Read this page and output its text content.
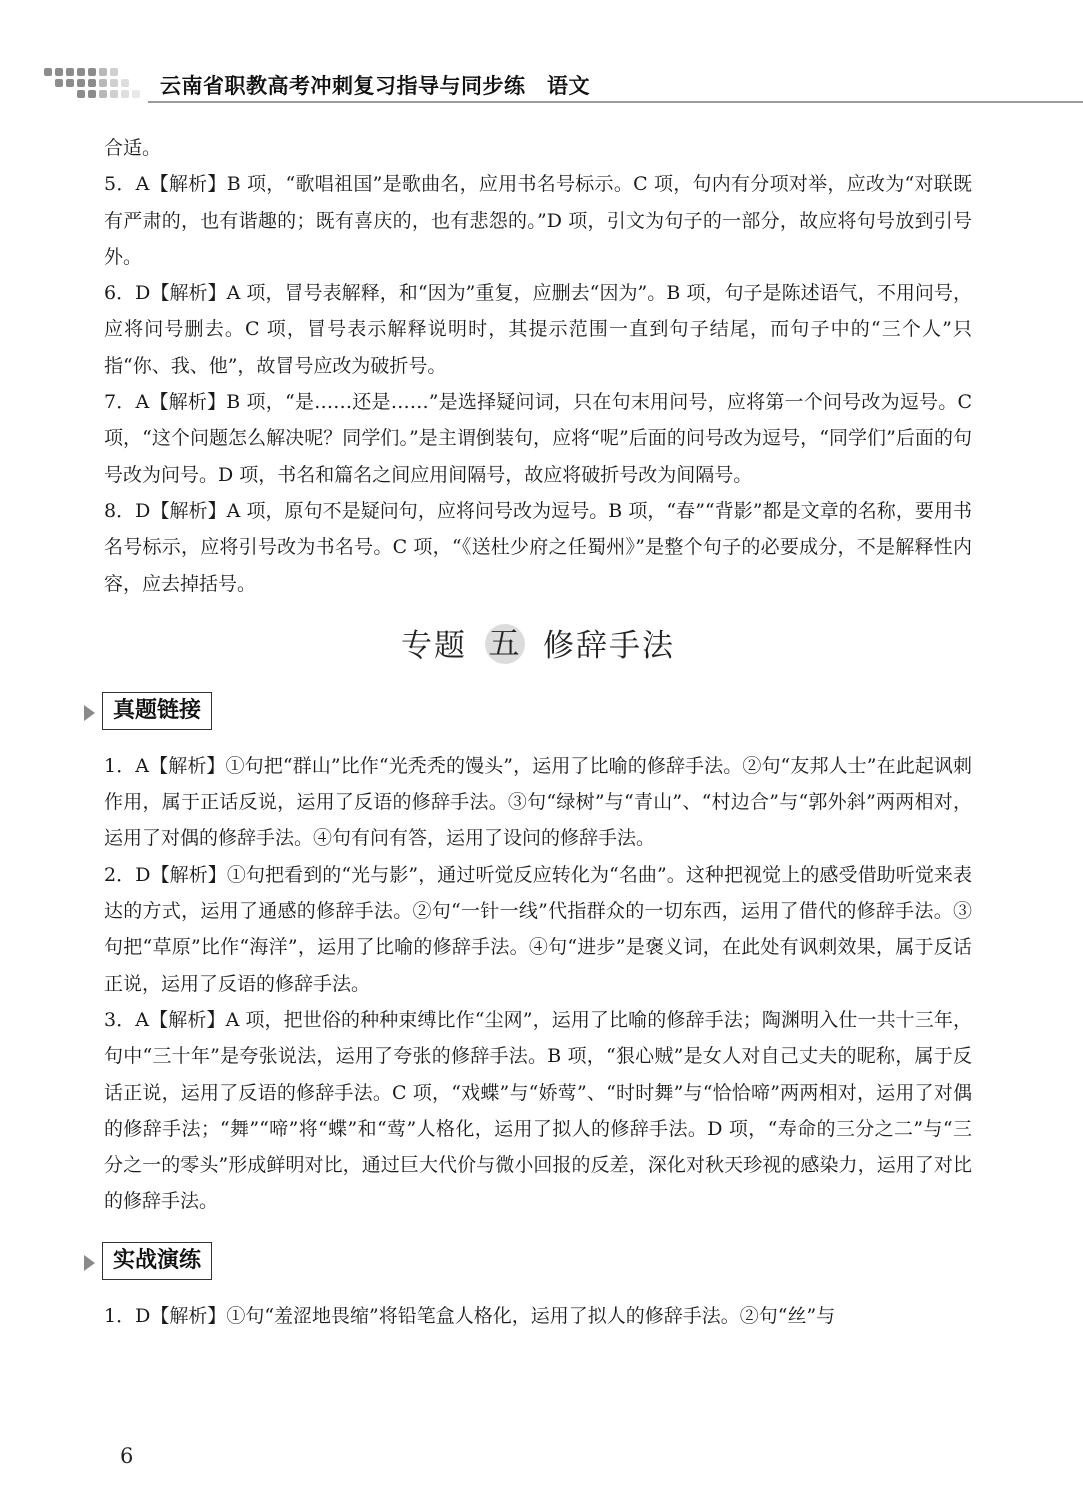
云南省职教高考冲刺复习指导与同步练　语文

合适。

5．A【解析】B 项，“歌唱祖国”是歌曲名，应用书名号标示。C 项，句内有分项对举，应改为“对联既有严肃的，也有谐趣的；既有喜庆的，也有悲怨的。”D 项，引文为句子的一部分，故应将句号放到引号外。

6．D【解析】A 项，冒号表解释，和“因为”重复，应删去“因为”。B 项，句子是陈述语气，不用问号，应将问号删去。C 项，冒号表示解释说明时，其提示范围一直到句子结尾，而句子中的“三个人”只指“你、我、他”，故冒号应改为破折号。

7．A【解析】B 项，“是……还是……”是选择疑问词，只在句末用问号，应将第一个问号改为逗号。C 项，“这个问题怎么解决呢？同学们。”是主谓倒装句，应将“呢”后面的问号改为逗号，“同学们”后面的句号改为问号。D 项，书名和篇名之间应用间隔号，故应将破折号改为间隔号。

8．D【解析】A 项，原句不是疑问句，应将问号改为逗号。B 项，“春”“背影”都是文章的名称，要用书名号标示，应将引号改为书名号。C 项，“《送杜少府之任蜀州》”是整个句子的必要成分，不是解释性内容，应去掉括号。

专题 五 修辞手法
真题链接

1．A【解析】①句把“群山”比作“光秃秃的馒头”，运用了比喻的修辞手法。②句“友邦人士”在此起讽刺作用，属于正话反说，运用了反语的修辞手法。③句“绿树”与“青山”、“村边合”与“郭外斜”两两相对，运用了对偶的修辞手法。④句有问有答，运用了设问的修辞手法。

2．D【解析】①句把看到的“光与影”，通过听觉反应转化为“名曲”。这种把视觉上的感受借助听觉来表达的方式，运用了通感的修辞手法。②句“一针一线”代指群众的一切东西，运用了借代的修辞手法。③句把“草原”比作“海洋”，运用了比喻的修辞手法。④句“进步”是褒义词，在此处有讽刺效果，属于反话正说，运用了反语的修辞手法。

3．A【解析】A 项，把世俗的种种束缚比作“尘网”，运用了比喻的修辞手法；陶渊明入仕一共十三年，句中“三十年”是夸张说法，运用了夸张的修辞手法。B 项，“狠心贼”是女人对自己丈夫的昵称，属于反话正说，运用了反语的修辞手法。C 项，“戏蝶”与“娇莺”、“时时舞”与“恰恰啼”两两相对，运用了对偶的修辞手法；“舞”“啼”将“蝶”和“莺”人格化，运用了拟人的修辞手法。D 项，“寿命的三分之二”与“三分之一的零头”形成鲜明对比，通过巨大代价与微小回报的反差，深化对秋天珍视的感染力，运用了对比的修辞手法。

实战演练

1．D【解析】①句“羞涩地畏缩”将铅笔盒人格化，运用了拟人的修辞手法。②句“丝”与

6
